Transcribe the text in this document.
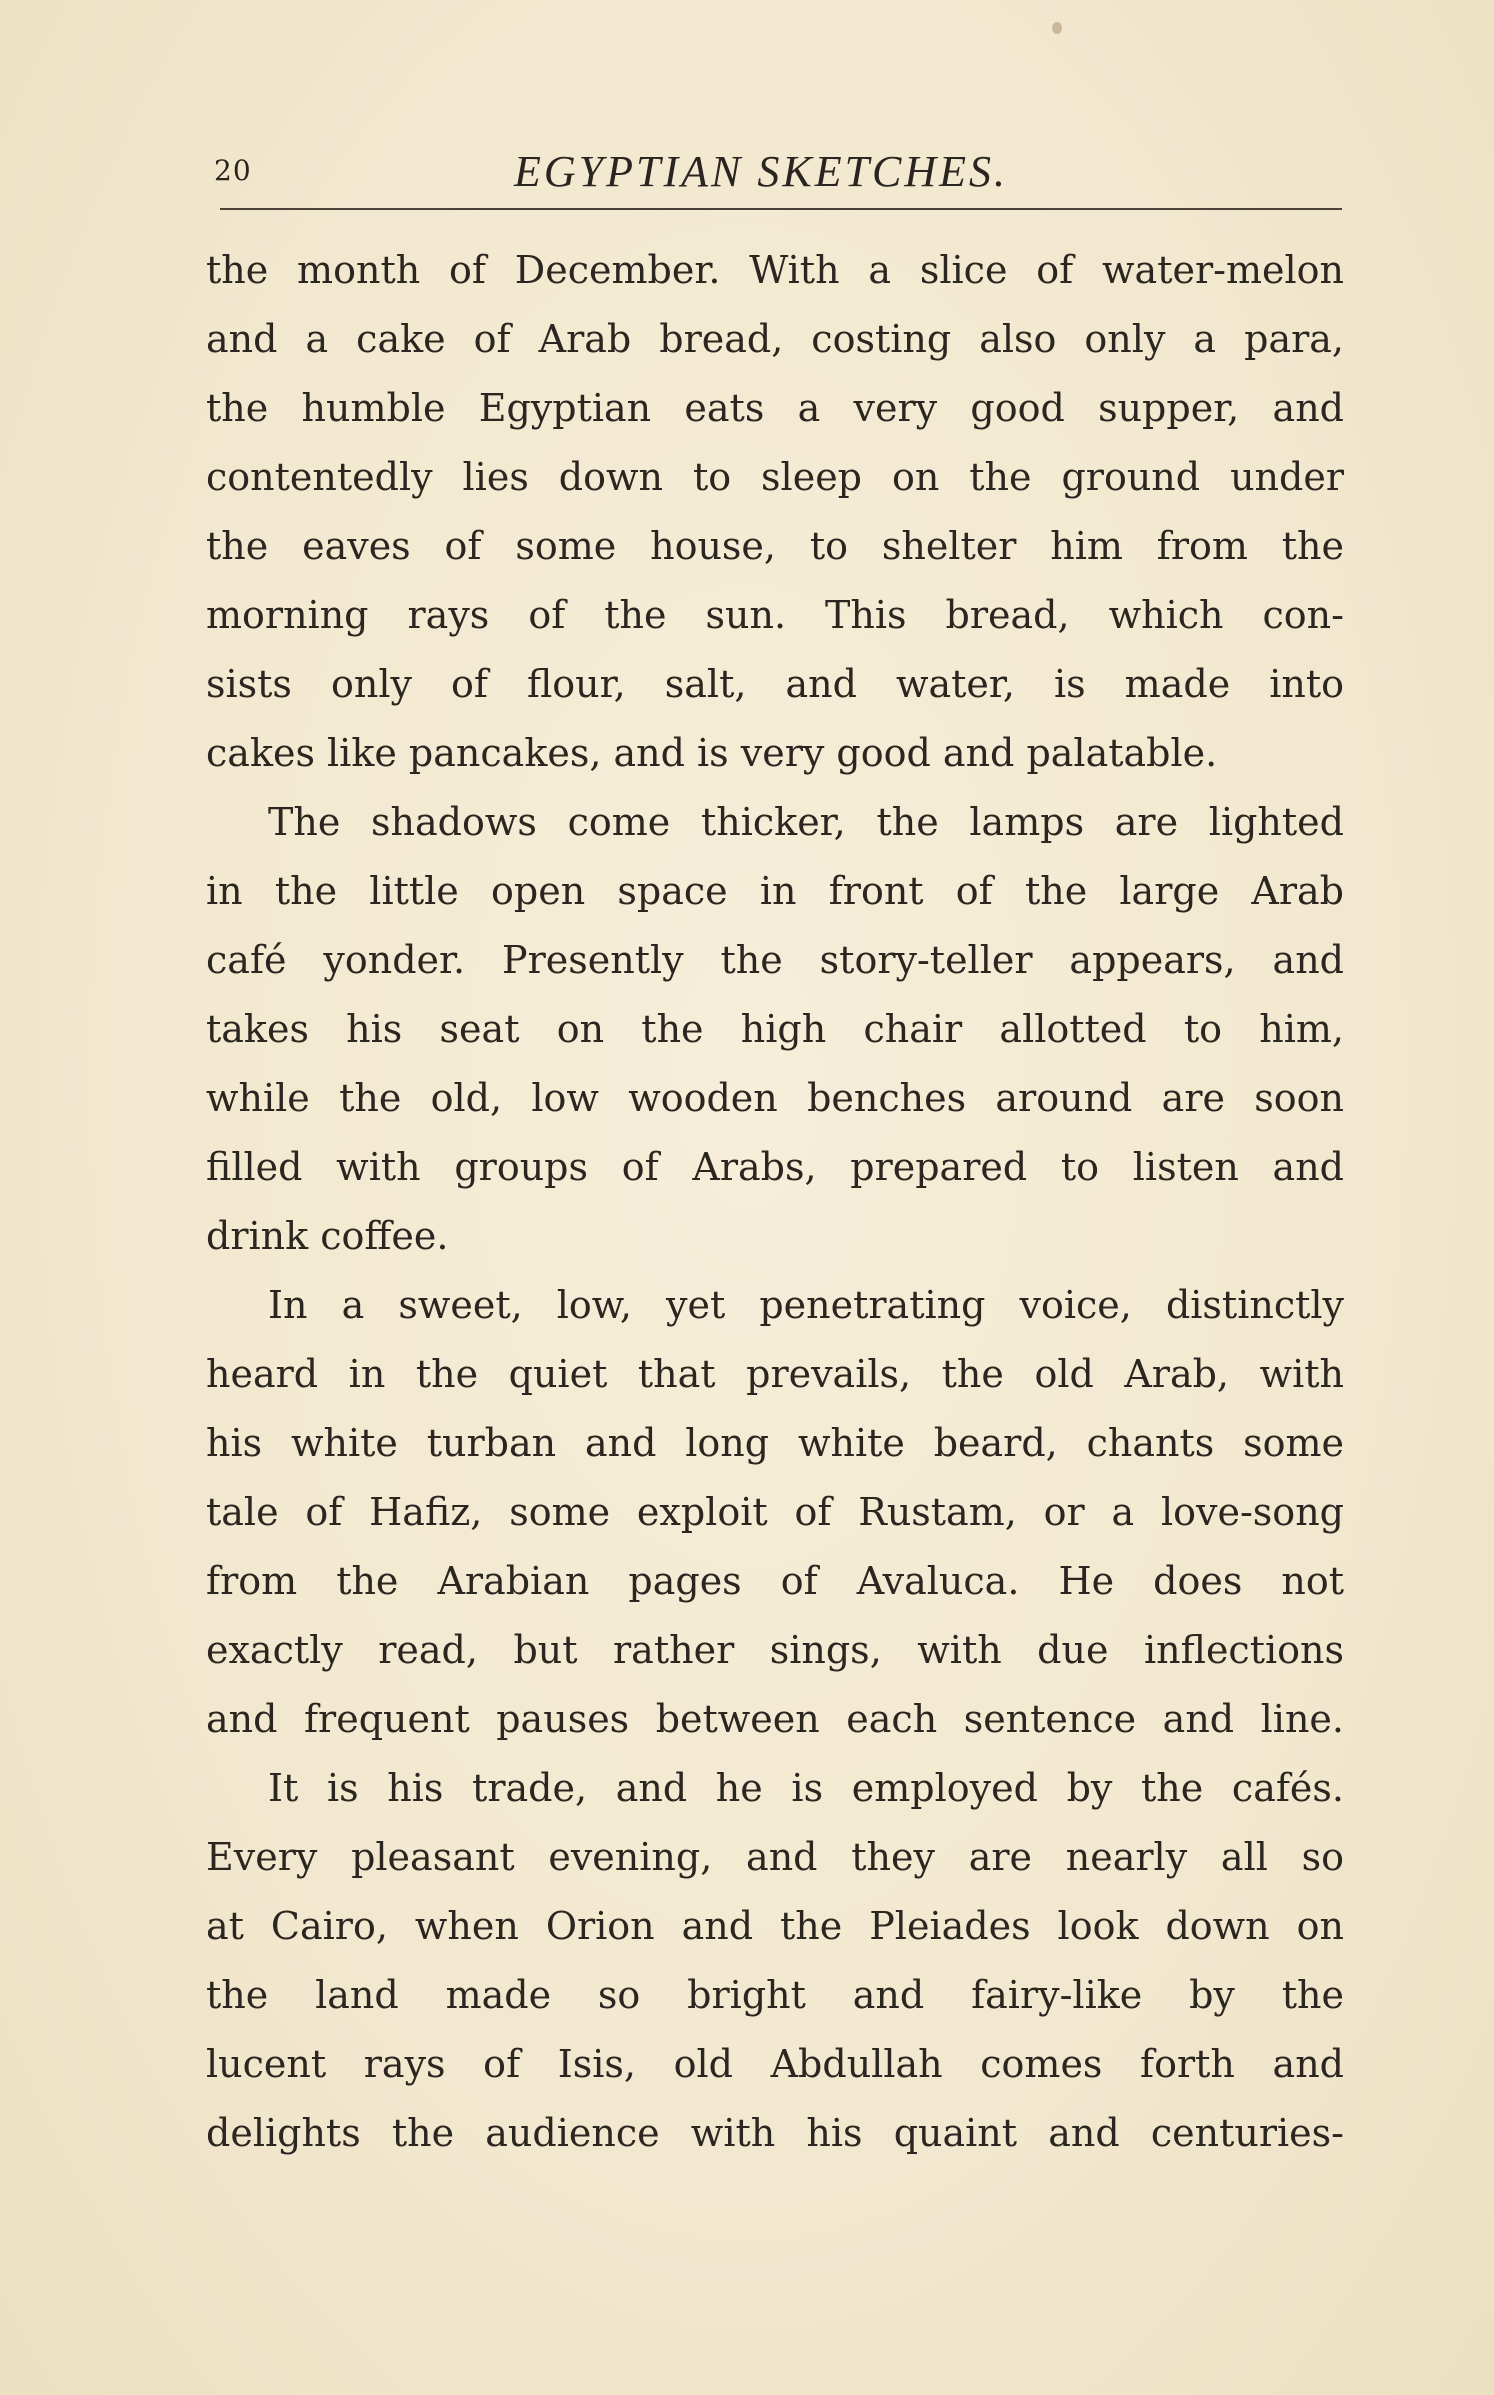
20	EGYPTIAN SKETCHES.
the month of December. With a slice of water-melon
and a cake of Arab bread, costing also only a para,
the humble Egyptian eats a very good supper, and
contentedly lies down to sleep on the ground under
the eaves of some house, to shelter him from the
morning rays of the sun. This bread, which con-
sists only of flour, salt, and water, is made into
cakes like pancakes, and is very good and palatable.
The shadows come thicker, the lamps are lighted
in the little open space in front of the large Arab
café yonder. Presently the story-teller appears, and
takes his seat on the high chair allotted to him,
while the old, low wooden benches around are soon
filled with groups of Arabs, prepared to listen and
drink coffee.
In a sweet, low, yet penetrating voice, distinctly
heard in the quiet that prevails, the old Arab, with
his white turban and long white beard, chants some
tale of Hafiz, some exploit of Rustam, or a love-song
from the Arabian pages of Avaluca. He does not
exactly read, but rather sings, with due inflections
and frequent pauses between each sentence and line.
It is his trade, and he is employed by the cafés.
Every pleasant evening, and they are nearly all so
at Cairo, when Orion and the Pleiades look down on
the land made so bright and fairy-like by the
lucent rays of Isis, old Abdullah comes forth and
delights the audience with his quaint and centuries-
